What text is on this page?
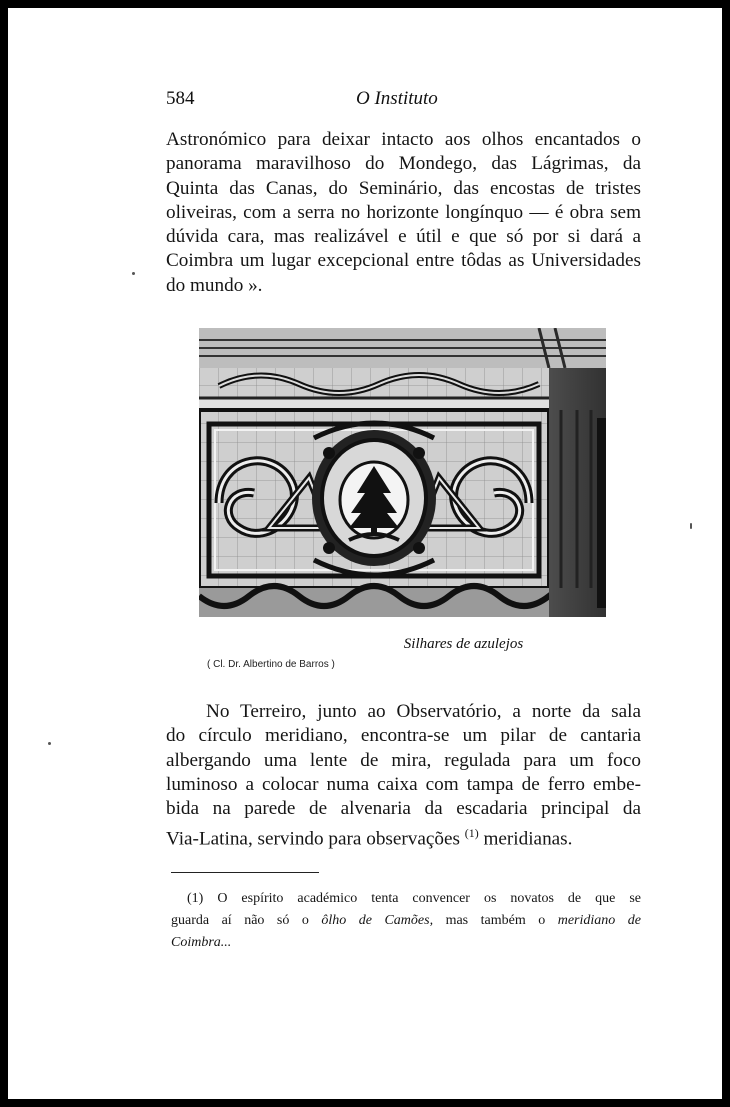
584	O Instituto
Astronómico para deixar intacto aos olhos encantados o
panorama maravilhoso do Mondego, das Lágrimas, da
Quinta das Canas, do Seminário, das encostas de tristes
oliveiras, com a serra no horizonte longínquo — é obra sem
dúvida cara, mas realizável e útil e que só por si dará a
Coimbra um lugar excepcional entre tôdas as Universidades
do mundo ».
Silhares de azulejos
( Cl. Dr. Albertino de Barros )
No Terreiro, junto ao Observatório, a norte da sala
do círculo meridiano, encontra-se um pilar de cantaria
albergando uma lente de mira, regulada para um foco
luminoso a colocar numa caixa com tampa de ferro embe-
bida na parede de alvenaria da escadaria principal da
Via-Latina, servindo para observações $^{(1)}$ meridianas.
(1) O espírito académico tenta convencer os novatos de que se
guarda aí não só o ôlho de Camões, mas também o meridiano de
Coimbra...
